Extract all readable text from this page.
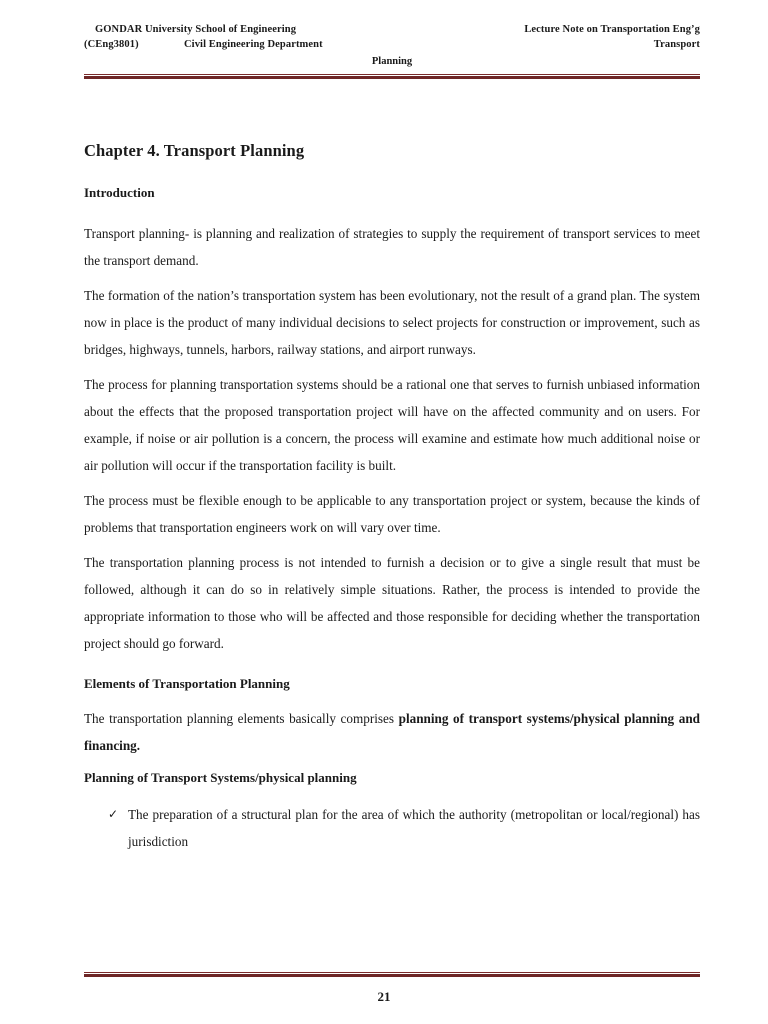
GONDAR University School of Engineering	Lecture Note on Transportation Eng’g
(CEng3801)	Civil Engineering Department	Transport
Planning
Chapter 4. Transport Planning
Introduction

Transport planning- is planning and realization of strategies to supply the requirement of transport services to meet the transport demand.

The formation of the nation’s transportation system has been evolutionary, not the result of a grand plan. The system now in place is the product of many individual decisions to select projects for construction or improvement, such as bridges, highways, tunnels, harbors, railway stations, and airport runways.

The process for planning transportation systems should be a rational one that serves to furnish unbiased information about the effects that the proposed transportation project will have on the affected community and on users. For example, if noise or air pollution is a concern, the process will examine and estimate how much additional noise or air pollution will occur if the transportation facility is built.

The process must be flexible enough to be applicable to any transportation project or system, because the kinds of problems that transportation engineers work on will vary over time.

The transportation planning process is not intended to furnish a decision or to give a single result that must be followed, although it can do so in relatively simple situations. Rather, the process is intended to provide the appropriate information to those who will be affected and those responsible for deciding whether the transportation project should go forward.

Elements of Transportation Planning

The transportation planning elements basically comprises planning of transport systems/physical planning and financing.

Planning of Transport Systems/physical planning
✓ The preparation of a structural plan for the area of which the authority (metropolitan or local/regional) has jurisdiction
21
